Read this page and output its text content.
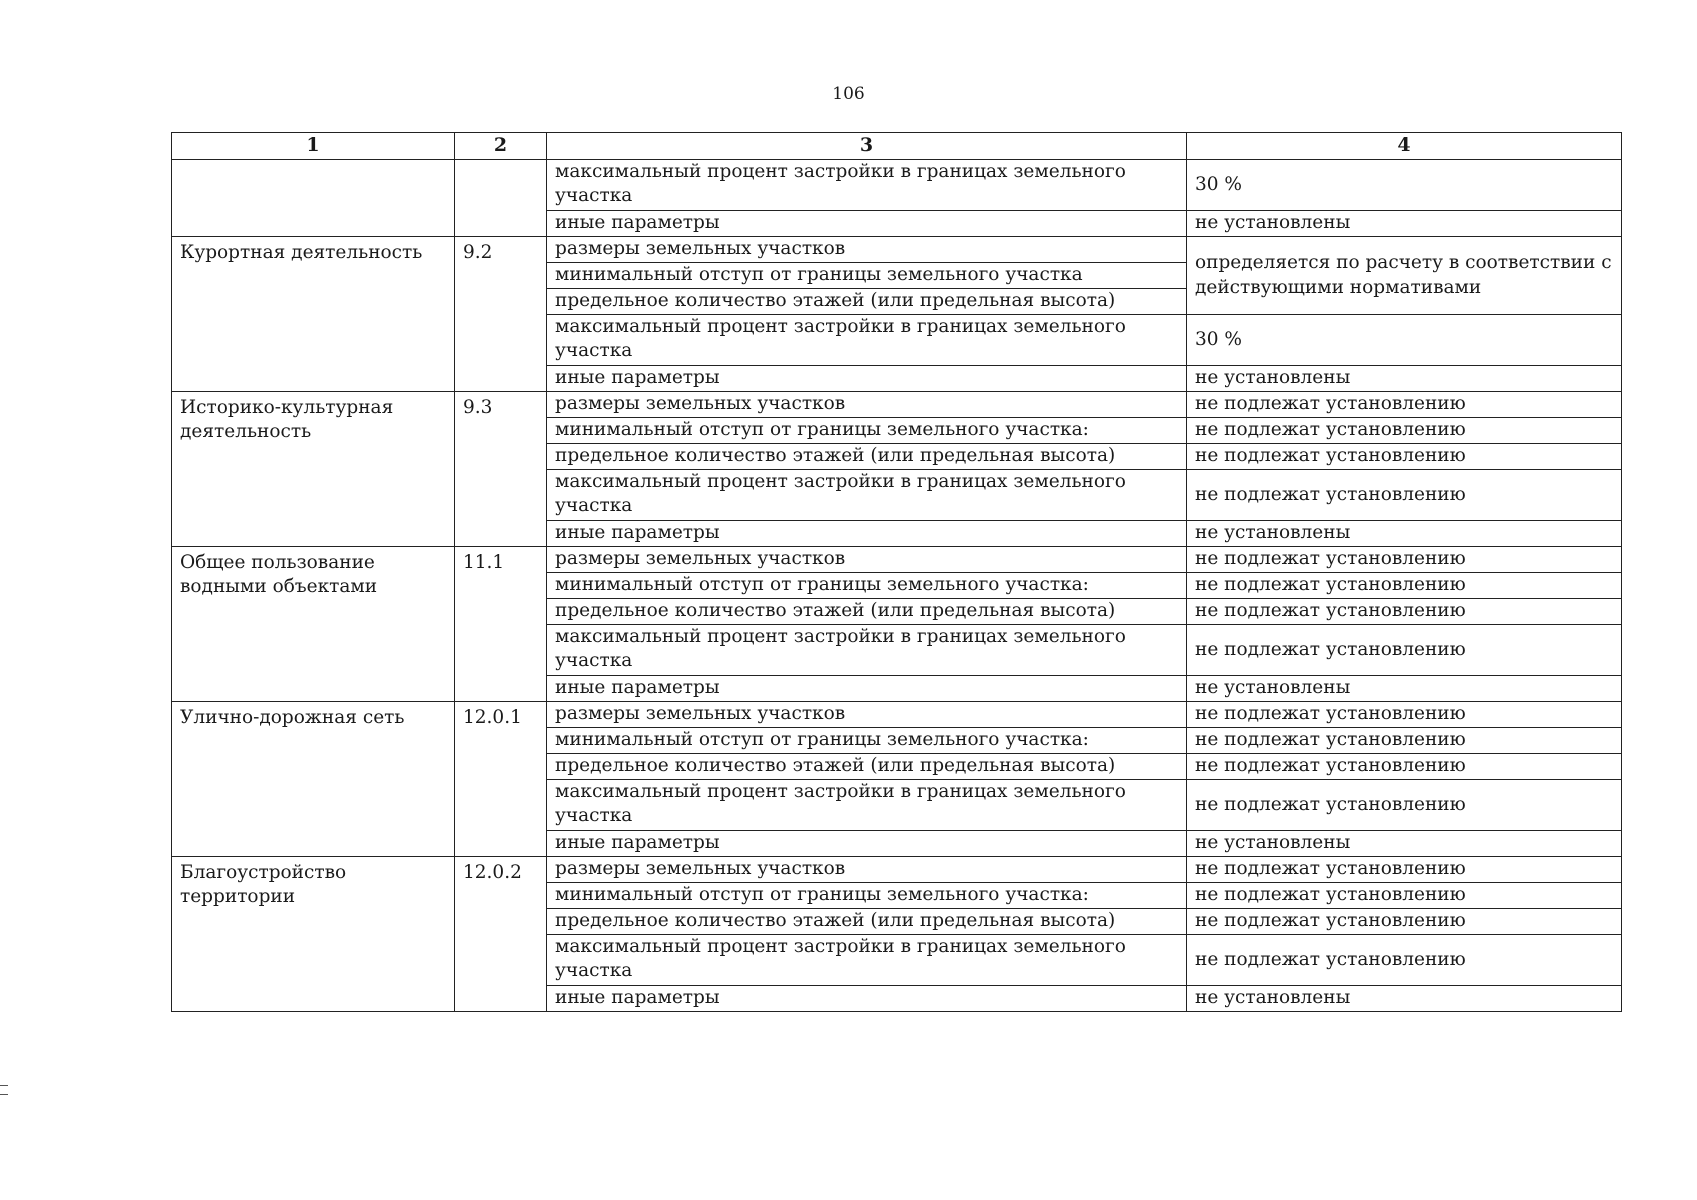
106
1	2	3	4
		максимальный процент застройки в границах земельного участка	30 %
		иные параметры	не установлены
Курортная деятельность	9.2	размеры земельных участков	определяется по расчету в соответствии с действующими нормативами
		минимальный отступ от границы земельного участка	
		предельное количество этажей (или предельная высота)	
		максимальный процент застройки в границах земельного участка	30 %
		иные параметры	не установлены
Историко-культурная деятельность	9.3	размеры земельных участков	не подлежат установлению
		минимальный отступ от границы земельного участка:	не подлежат установлению
		предельное количество этажей (или предельная высота)	не подлежат установлению
		максимальный процент застройки в границах земельного участка	не подлежат установлению
		иные параметры	не установлены
Общее пользование водными объектами	11.1	размеры земельных участков	не подлежат установлению
		минимальный отступ от границы земельного участка:	не подлежат установлению
		предельное количество этажей (или предельная высота)	не подлежат установлению
		максимальный процент застройки в границах земельного участка	не подлежат установлению
		иные параметры	не установлены
Улично-дорожная сеть	12.0.1	размеры земельных участков	не подлежат установлению
		минимальный отступ от границы земельного участка:	не подлежат установлению
		предельное количество этажей (или предельная высота)	не подлежат установлению
		максимальный процент застройки в границах земельного участка	не подлежат установлению
		иные параметры	не установлены
Благоустройство территории	12.0.2	размеры земельных участков	не подлежат установлению
		минимальный отступ от границы земельного участка:	не подлежат установлению
		предельное количество этажей (или предельная высота)	не подлежат установлению
		максимальный процент застройки в границах земельного участка	не подлежат установлению
		иные параметры	не установлены
